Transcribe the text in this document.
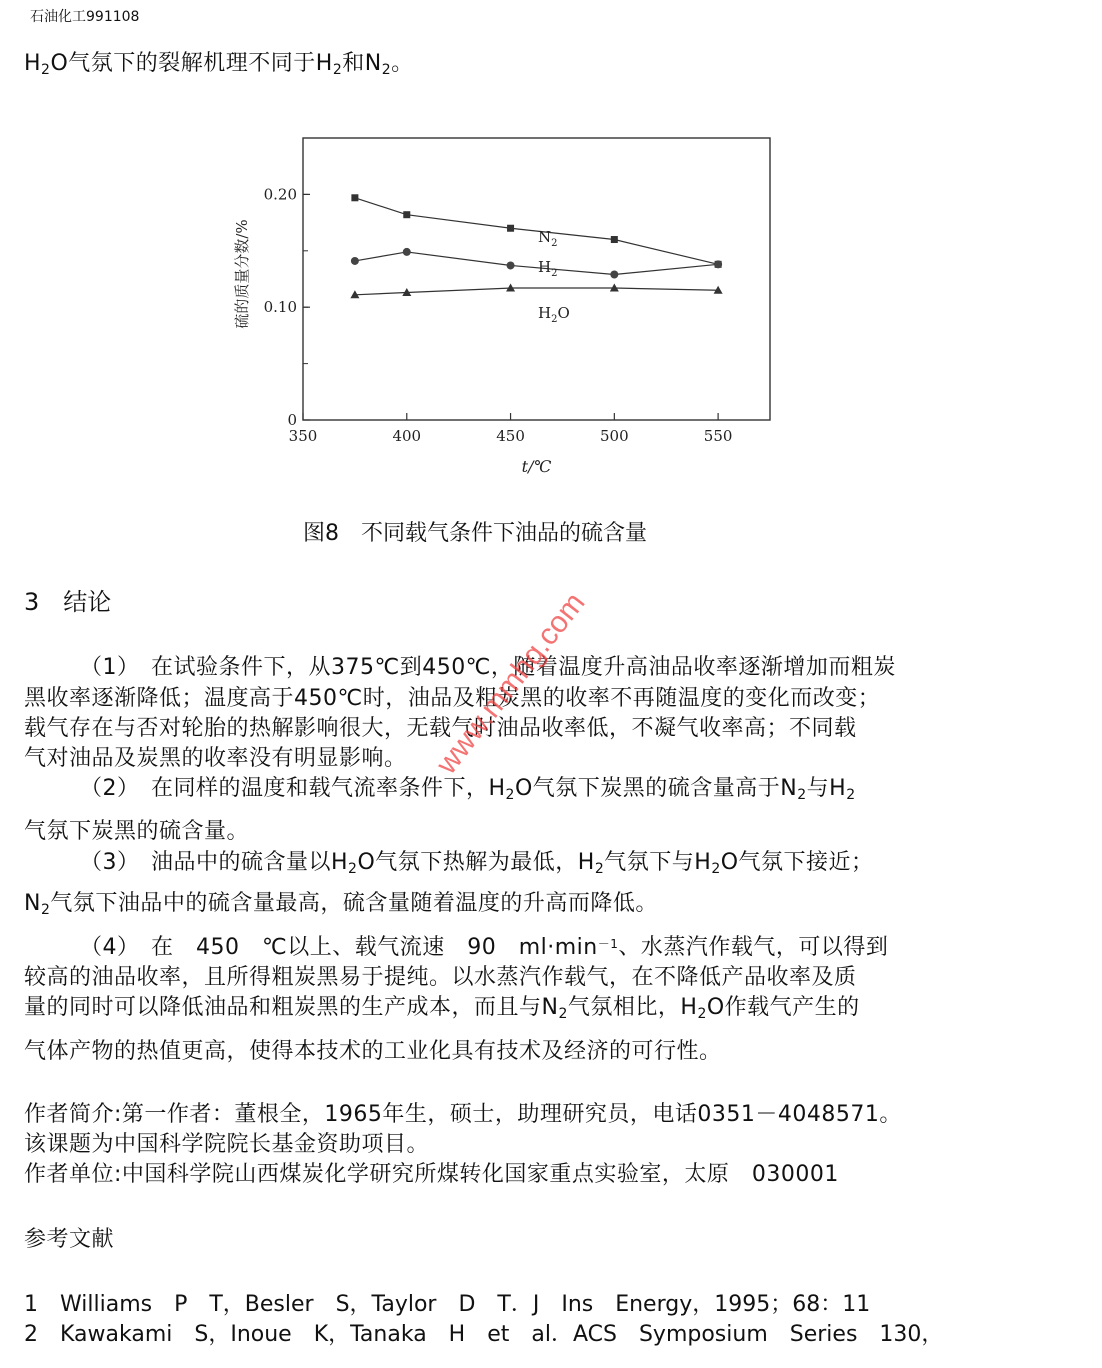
石油化工991108
$H_2O$气氛下的裂解机理不同于$H_2$和$N_2$。
0
0.10
0.20
350	400	450	500	550
t/℃
硫的质量分数/%	$N_2$
$H_2$
$H_2O$
图8　不同载气条件下油品的硫含量
3　结论
（1）　在试验条件下，从375℃到450℃，随着温度升高油品收率逐渐增加而粗炭
黑收率逐渐降低；温度高于450℃时，油品及粗炭黑的收率不再随温度的变化而改变；
载气存在与否对轮胎的热解影响很大，无载气时油品收率低，不凝气收率高；不同载
气对油品及炭黑的收率没有明显影响。
（2）　在同样的温度和载气流率条件下，$H_2O$气氛下炭黑的硫含量高于$N_2$与$H_2$
气氛下炭黑的硫含量。
（3）　油品中的硫含量以$H_2O$气氛下热解为最低，$H_2$气氛下与$H_2O$气氛下接近；
$N_2$气氛下油品中的硫含量最高，硫含量随着温度的升高而降低。
（4）　在　450　℃以上、载气流速　90　$ml\cdot\min^{-1}$、水蒸汽作载气，可以得到
较高的油品收率，且所得粗炭黑易于提纯。以水蒸汽作载气，在不降低产品收率及质
量的同时可以降低油品和粗炭黑的生产成本，而且与$N_2$气氛相比，$H_2O$作载气产生的
气体产物的热值更高，使得本技术的工业化具有技术及经济的可行性。
作者简介:第一作者：董根全，1965年生，硕士，助理研究员，电话0351－4048571。
该课题为中国科学院院长基金资助项目。
作者单位:中国科学院山西煤炭化学研究所煤转化国家重点实验室，太原　030001
参考文献
1　Williams　P　T，Besler　S，Taylor　D　T．J　Ins　Energy，1995；68：11
2　Kawakami　S，Inoue　K，Tanaka　H　et　al．ACS　Symposium　Series　130，
www.mmhg.com
